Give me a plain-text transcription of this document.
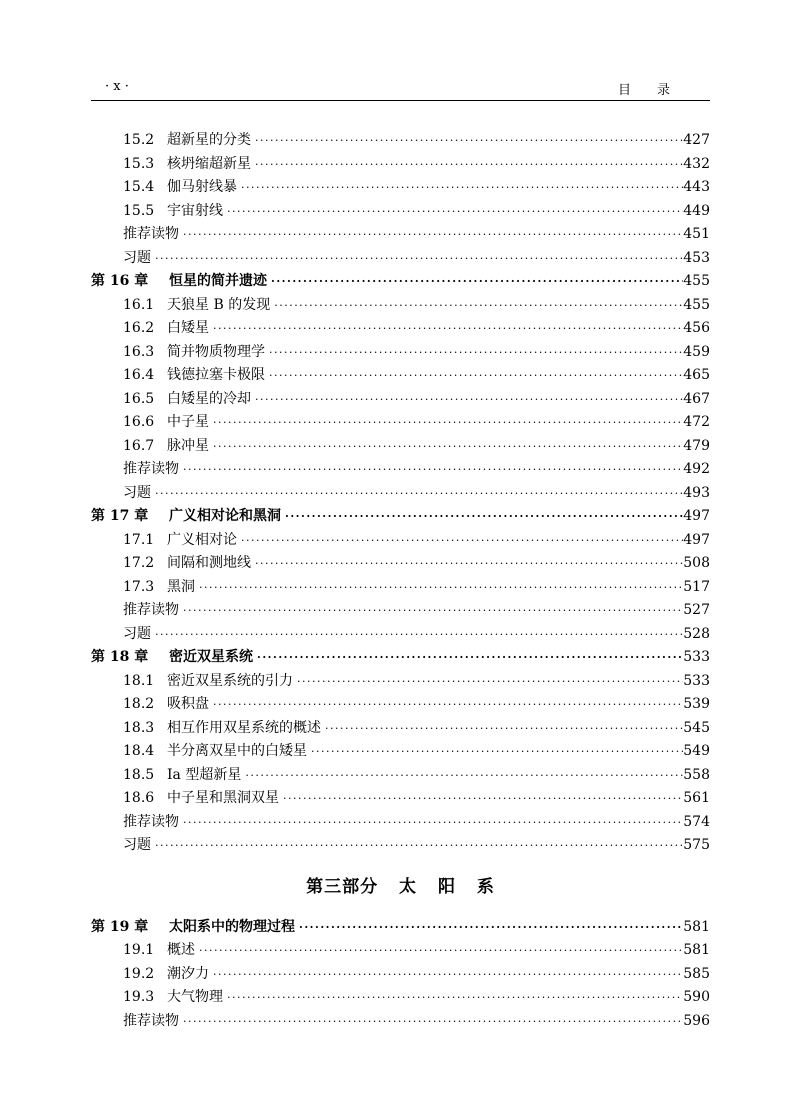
· x ·	目录
15.2 超新星的分类 ·····	427
15.3 核坍缩超新星 ·····	432
15.4 伽马射线暴 ·····	443
15.5 宇宙射线 ·····	449
推荐读物 ·····	451
习题 ·····	453
第 16 章	恒星的简并遗迹 ·····	455
16.1 天狼星 B 的发现 ·····	455
16.2 白矮星 ·····	456
16.3 简并物质物理学 ·····	459
16.4 钱德拉塞卡极限 ·····	465
16.5 白矮星的冷却 ·····	467
16.6 中子星 ·····	472
16.7 脉冲星 ·····	479
推荐读物 ·····	492
习题 ·····	493
第 17 章	广义相对论和黑洞 ·····	497
17.1 广义相对论 ·····	497
17.2 间隔和测地线 ·····	508
17.3 黑洞 ·····	517
推荐读物 ·····	527
习题 ·····	528
第 18 章	密近双星系统 ·····	533
18.1 密近双星系统的引力 ·····	533
18.2 吸积盘 ·····	539
18.3 相互作用双星系统的概述 ·····	545
18.4 半分离双星中的白矮星 ·····	549
18.5 Ia 型超新星 ·····	558
18.6 中子星和黑洞双星 ·····	561
推荐读物 ·····	574
习题 ·····	575
第三部分 太 阳 系
第 19 章	太阳系中的物理过程 ·····	581
19.1 概述 ·····	581
19.2 潮汐力 ·····	585
19.3 大气物理 ·····	590
推荐读物 ·····	596
